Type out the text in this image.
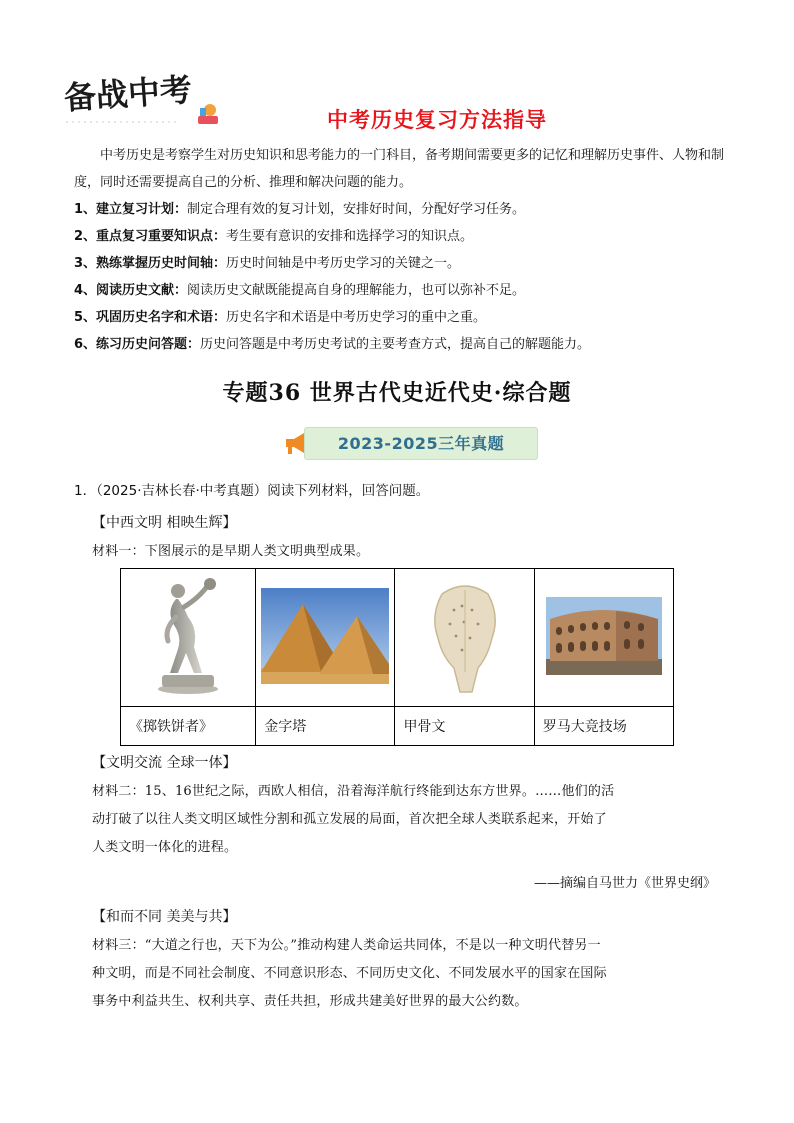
备战中考
中考历史复习方法指导
中考历史是考察学生对历史知识和思考能力的一门科目，备考期间需要更多的记忆和理解历史事件、人物和制度，同时还需要提高自己的分析、推理和解决问题的能力。
1、建立复习计划：制定合理有效的复习计划，安排好时间，分配好学习任务。
2、重点复习重要知识点：考生要有意识的安排和选择学习的知识点。
3、熟练掌握历史时间轴：历史时间轴是中考历史学习的关键之一。
4、阅读历史文献：阅读历史文献既能提高自身的理解能力，也可以弥补不足。
5、巩固历史名字和术语：历史名字和术语是中考历史学习的重中之重。
6、练习历史问答题：历史问答题是中考历史考试的主要考查方式，提高自己的解题能力。
专题36 世界古代史近代史·综合题
2023-2025三年真题
1．（2025·吉林长春·中考真题）阅读下列材料，回答问题。
【中西文明 相映生辉】
材料一：下图展示的是早期人类文明典型成果。

《掷铁饼者》	金字塔	甲骨文	罗马大竞技场
【文明交流 全球一体】
材料二：15、16世纪之际，西欧人相信，沿着海洋航行终能到达东方世界。……他们的活
动打破了以往人类文明区域性分割和孤立发展的局面，首次把全球人类联系起来，开始了
人类文明一体化的进程。
——摘编自马世力《世界史纲》
【和而不同 美美与共】
材料三：“大道之行也，天下为公。”推动构建人类命运共同体，不是以一种文明代替另一
种文明，而是不同社会制度、不同意识形态、不同历史文化、不同发展水平的国家在国际
事务中利益共生、权利共享、责任共担，形成共建美好世界的最大公约数。
